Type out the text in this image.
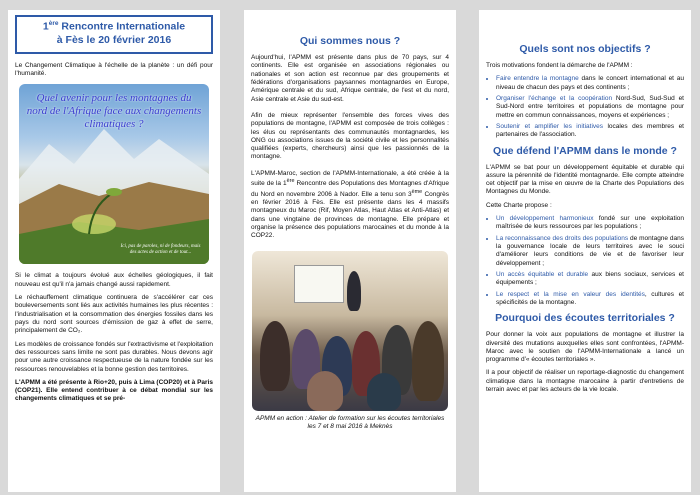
1ère Rencontre Internationale
à Fès le 20 février 2016

Le Changement Climatique à l'échelle de la planète : un défi pour l'humanité.

Quel avenir pour les montagnes du nord de l'Afrique face aux changements climatiques ?
Ici, pas de paroles, ni de fondeurs, mais des actes de action et de tout...

Si le climat a toujours évolué aux échelles géologiques, il fait nouveau est qu'il n'a jamais changé aussi rapidement.

Le réchauffement climatique continuera de s'accélérer car ces bouleversements sont liés aux activités humaines les plus récentes : l'industrialisation et la consommation des énergies fossiles dans les pays du nord sont sources d'émission de gaz à effet de serre, principalement de CO₂.

Les modèles de croissance fondés sur l'extractivisme et l'exploitation des ressources sans limite ne sont pas durables. Nous devons agir pour une autre croissance respectueuse de la nature fondée sur les ressources renouvelables et la bonne gestion des territoires.

L'APMM a été présente à Rio+20, puis à Lima (COP20) et à Paris (COP21). Elle entend contribuer à ce débat mondial sur les changements climatiques et se pré-

Qui sommes nous ?

Aujourd'hui, l'APMM est présente dans plus de 70 pays, sur 4 continents. Elle est organisée en associations régionales ou nationales et son action est reconnue par des groupements et fédérations d'organisations paysannes montagnardes en Europe, Amérique centrale et du sud, Afrique centrale, de l'est et du nord, Asie centrale et Asie du sud-est.

Afin de mieux représenter l'ensemble des forces vives des populations de montagne, l'APMM est composée de trois collèges : les élus ou représentants des communautés montagnardes, les ONG ou associations issues de la société civile et les personnalités qualifiées (experts, chercheurs) ainsi que les passionnés de la montagne.

L'APMM-Maroc, section de l'APMM-Internationale, a été créée à la suite de la 1ère Rencontre des Populations des Montagnes d'Afrique du Nord en novembre 2006 à Nador. Elle a tenu son 3ème Congrès en février 2016 à Fès. Elle est présente dans les 4 massifs montagneux du Maroc (Rif, Moyen Atlas, Haut Atlas et Anti-Atlas) et dans une vingtaine de provinces de montagne. Elle prépare et organise la présence des populations marocaines et du monde à la COP22.

APMM en action : Atelier de formation sur les écoutes territoriales les 7 et 8 mai 2016 à Meknès

Quels sont nos objectifs ?

Trois motivations fondent la démarche de l'APMM :

• Faire entendre la montagne dans le concert international et au niveau de chacun des pays et des continents ;
• Organiser l'échange et la coopération Nord-Sud, Sud-Sud et Sud-Nord entre territoires et populations de montagne pour mettre en commun connaissances, moyens et expériences ;
• Soutenir et amplifier les initiatives locales des membres et partenaires de l'association.
Que défend l'APMM dans le monde ?

L'APMM se bat pour un développement équitable et durable qui assure la pérennité de l'identité montagnarde. Elle compte atteindre cet objectif par la mise en œuvre de la Charte des Populations des Montagnes du Monde.

Cette Charte propose :

• Un développement harmonieux fondé sur une exploitation maîtrisée de leurs ressources par les populations ;
• La reconnaissance des droits des populations de montagne dans la gouvernance locale de leurs territoires avec le souci d'améliorer leurs conditions de vie et de favoriser leur développement ;
• Un accès équitable et durable aux biens sociaux, services et équipements ;
• Le respect et la mise en valeur des identités, cultures et spécificités de la montagne.
Pourquoi des écoutes territoriales ?

Pour donner la voix aux populations de montagne et illustrer la diversité des mutations auxquelles elles sont confrontées, l'APMM-Maroc avec le soutien de l'APMM-Internationale a lancé un programme d'« écoutes territoriales ».

Il a pour objectif de réaliser un reportage-diagnostic du changement climatique dans la montagne marocaine à partir d'entretiens de terrain avec et par les acteurs de la vie locale.
